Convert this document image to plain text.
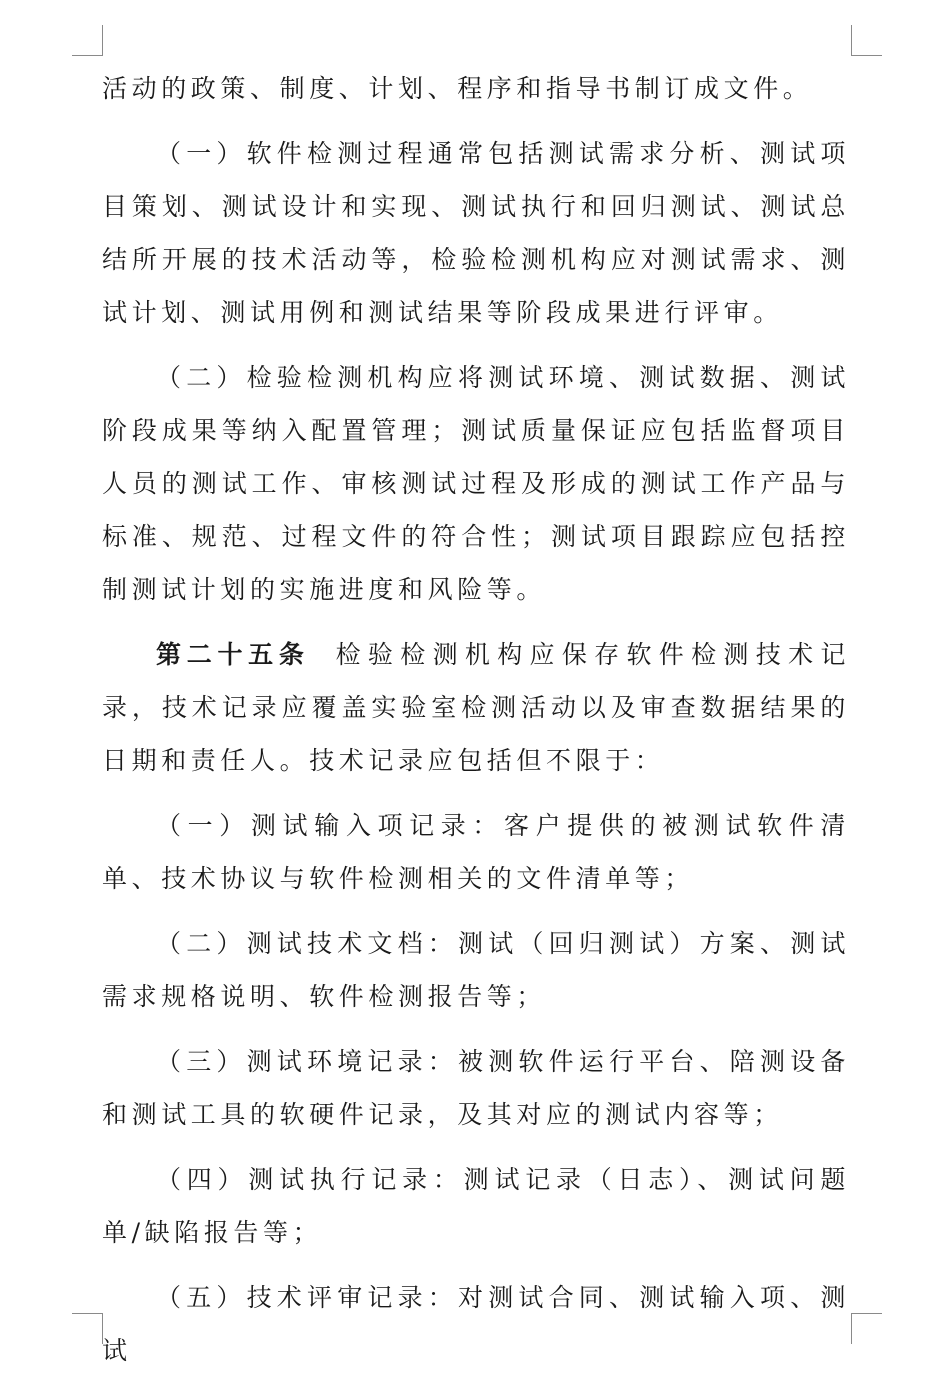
活动的政策、制度、计划、程序和指导书制订成文件。

（一）软件检测过程通常包括测试需求分析、测试项目策划、测试设计和实现、测试执行和回归测试、测试总结所开展的技术活动等，检验检测机构应对测试需求、测试计划、测试用例和测试结果等阶段成果进行评审。

（二）检验检测机构应将测试环境、测试数据、测试阶段成果等纳入配置管理；测试质量保证应包括监督项目人员的测试工作、审核测试过程及形成的测试工作产品与标准、规范、过程文件的符合性；测试项目跟踪应包括控制测试计划的实施进度和风险等。

第二十五条 检验检测机构应保存软件检测技术记录，技术记录应覆盖实验室检测活动以及审查数据结果的日期和责任人。技术记录应包括但不限于：

（一）测试输入项记录：客户提供的被测试软件清单、技术协议与软件检测相关的文件清单等；

（二）测试技术文档：测试（回归测试）方案、测试需求规格说明、软件检测报告等；

（三）测试环境记录：被测软件运行平台、陪测设备和测试工具的软硬件记录，及其对应的测试内容等；

（四）测试执行记录：测试记录（日志）、测试问题单/缺陷报告等；

（五）技术评审记录：对测试合同、测试输入项、测试
